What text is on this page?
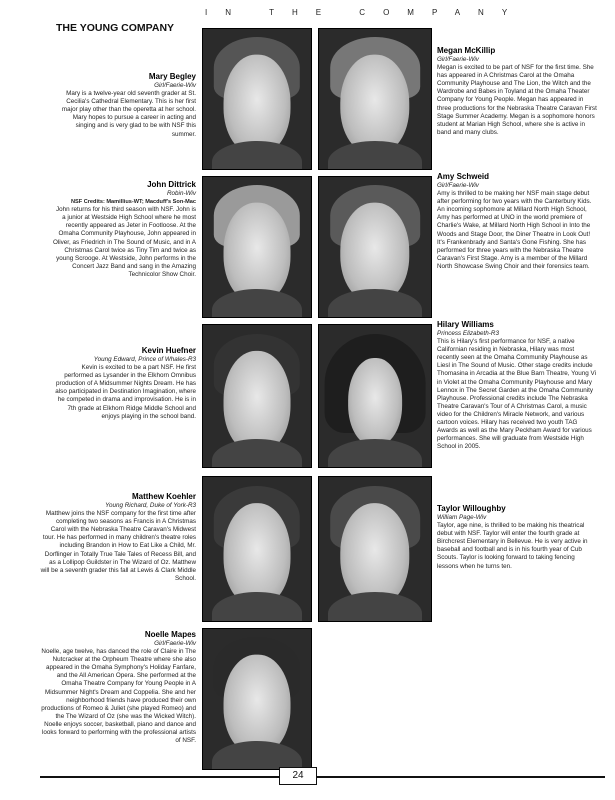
IN THE COMPANY
THE YOUNG COMPANY
Mary Begley
Girl/Faerie-Wiv
Mary is a twelve-year old seventh grader at St. Cecilia's Cathedral Elementary. This is her first major play other than the operetta at her school. Mary hopes to pursue a career in acting and singing and is very glad to be with NSF this summer.
John Dittrick
Robin-Wiv
NSF Credits: Mamillius-WT; Macduff's Son-Mac
John returns for his third season with NSF. John is a junior at Westside High School where he most recently appeared as Jeter in Footloose. At the Omaha Community Playhouse, John appeared in Oliver, as Friedrich in The Sound of Music, and in A Christmas Carol twice as Tiny Tim and twice as young Scrooge. At Westside, John performs in the Concert Jazz Band and sang in the Amazing Technicolor Show Choir.
Kevin Huefner
Young Edward, Prince of Whales-R3
Kevin is excited to be a part NSF. He first performed as Lysander in the Elkhorn Omnibus production of A Midsummer Nights Dream. He has also participated in Destination Imagination, where he competed in drama and improvisation. He is in 7th grade at Elkhorn Ridge Middle School and enjoys playing in the school band.
Matthew Koehler
Young Richard, Duke of York-R3
Matthew joins the NSF company for the first time after completing two seasons as Francis in A Christmas Carol with the Nebraska Theatre Caravan's Midwest tour. He has performed in many children's theatre roles including Brandon in How to Eat Like a Child, Mr. Dorflinger in Totally True Tale Tales of Recess Bill, and as a Lollipop Guildster in The Wizard of Oz. Matthew will be a seventh grader this fall at Lewis & Clark Middle School.
Noelle Mapes
Girl/Faerie-Wiv
Noelle, age twelve, has danced the role of Claire in The Nutcracker at the Orpheum Theatre where she also appeared in the Omaha Symphony's Holiday Fanfare, and the All American Opera. She performed at the Omaha Theatre Company for Young People in A Midsummer Night's Dream and Coppelia. She and her neighborhood friends have produced their own productions of Romeo & Juliet (she played Romeo) and the The Wizard of Oz (she was the Wicked Witch). Noelle enjoys soccer, basketball, piano and dance and looks forward to performing with the professional artists of NSF.
Megan McKillip
Girl/Faerie-Wiv
Megan is excited to be part of NSF for the first time. She has appeared in A Christmas Carol at the Omaha Community Playhouse and The Lion, the Witch and the Wardrobe and Babes in Toyland at the Omaha Theater Company for Young People. Megan has appeared in three productions for the Nebraska Theatre Caravan First Stage Summer Academy. Megan is a sophomore honors student at Marian High School, where she is active in band and many clubs.
Amy Schweid
Girl/Faerie-Wiv
Amy is thrilled to be making her NSF main stage debut after performing for two years with the Canterbury Kids. An incoming sophomore at Millard North High School, Amy has performed at UNO in the world premiere of Charlie's Wake, at Millard North High School in Into the Woods and Stage Door, the Diner Theatre in Look Out! It's Frankenbrady and Santa's Gone Fishing. She has performed for three years with the Nebraska Theatre Caravan's First Stage. Amy is a member of the Millard North Showcase Swing Choir and their forensics team.
Hilary Williams
Princess Elizabeth-R3
This is Hilary's first performance for NSF, a native Californian residing in Nebraska, Hilary was most recently seen at the Omaha Community Playhouse as Liesl in The Sound of Music. Other stage credits include Thomasina in Arcadia at the Blue Barn Theatre, Young Vi in Violet at the Omaha Community Playhouse and Mary Lennox in The Secret Garden at the Omaha Community Playhouse. Professional credits include The Nebraska Theatre Caravan's Tour of A Christmas Carol, a music video for the Children's Miracle Network, and various cartoon voices. Hilary has received two youth TAG Awards as well as the Mary Peckham Award for various performances. She will graduate from Westside High School in 2005.
Taylor Willoughby
William Page-Wiv
Taylor, age nine, is thrilled to be making his theatrical debut with NSF. Taylor will enter the fourth grade at Birchcrest Elementary in Bellevue. He is very active in baseball and football and is in his fourth year of Cub Scouts. Taylor is looking forward to taking fencing lessons when he turns ten.
24
